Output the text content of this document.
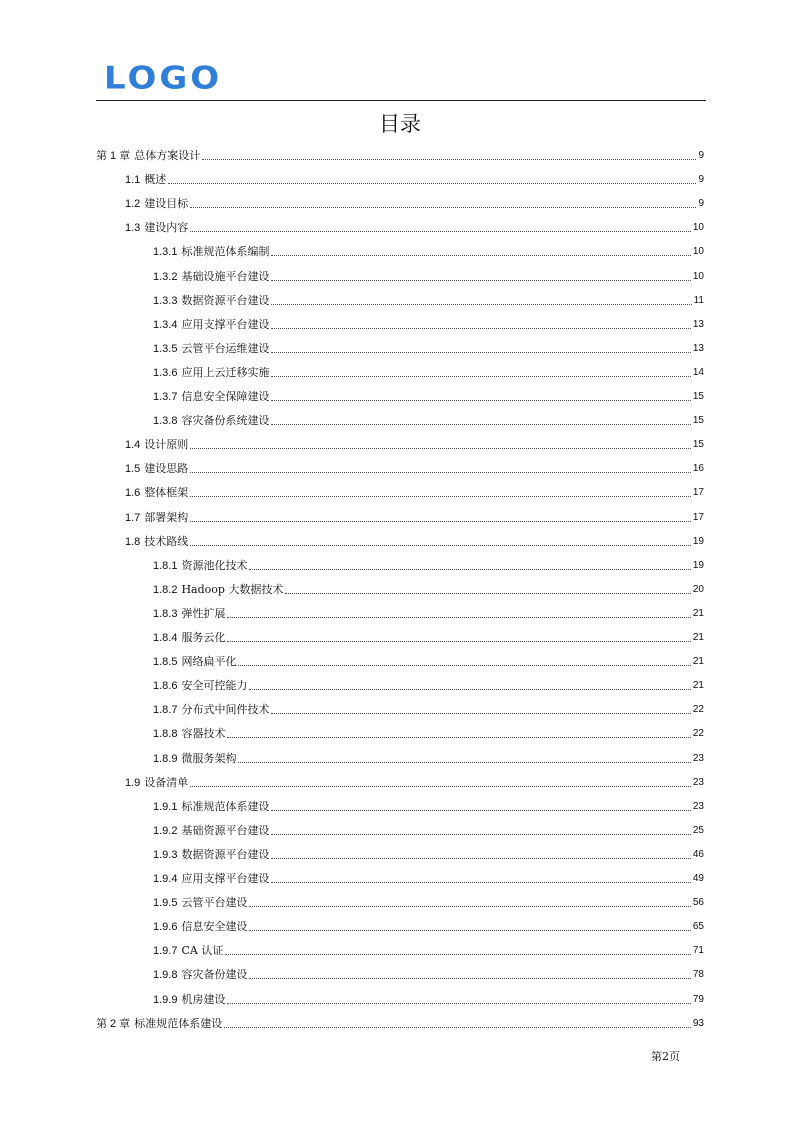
LOGO
目录
第 1 章 总体方案设计	9
1.1 概述	9
1.2 建设目标	9
1.3 建设内容	10
1.3.1 标准规范体系编制	10
1.3.2 基础设施平台建设	10
1.3.3 数据资源平台建设	11
1.3.4 应用支撑平台建设	13
1.3.5 云管平台运维建设	13
1.3.6 应用上云迁移实施	14
1.3.7 信息安全保障建设	15
1.3.8 容灾备份系统建设	15
1.4 设计原则	15
1.5 建设思路	16
1.6 整体框架	17
1.7 部署架构	17
1.8 技术路线	19
1.8.1 资源池化技术	19
1.8.2 Hadoop 大数据技术	20
1.8.3 弹性扩展	21
1.8.4 服务云化	21
1.8.5 网络扁平化	21
1.8.6 安全可控能力	21
1.8.7 分布式中间件技术	22
1.8.8 容器技术	22
1.8.9 微服务架构	23
1.9 设备清单	23
1.9.1 标准规范体系建设	23
1.9.2 基础资源平台建设	25
1.9.3 数据资源平台建设	46
1.9.4 应用支撑平台建设	49
1.9.5 云管平台建设	56
1.9.6 信息安全建设	65
1.9.7 CA 认证	71
1.9.8 容灾备份建设	78
1.9.9 机房建设	79
第 2 章 标准规范体系建设	93
第2页
